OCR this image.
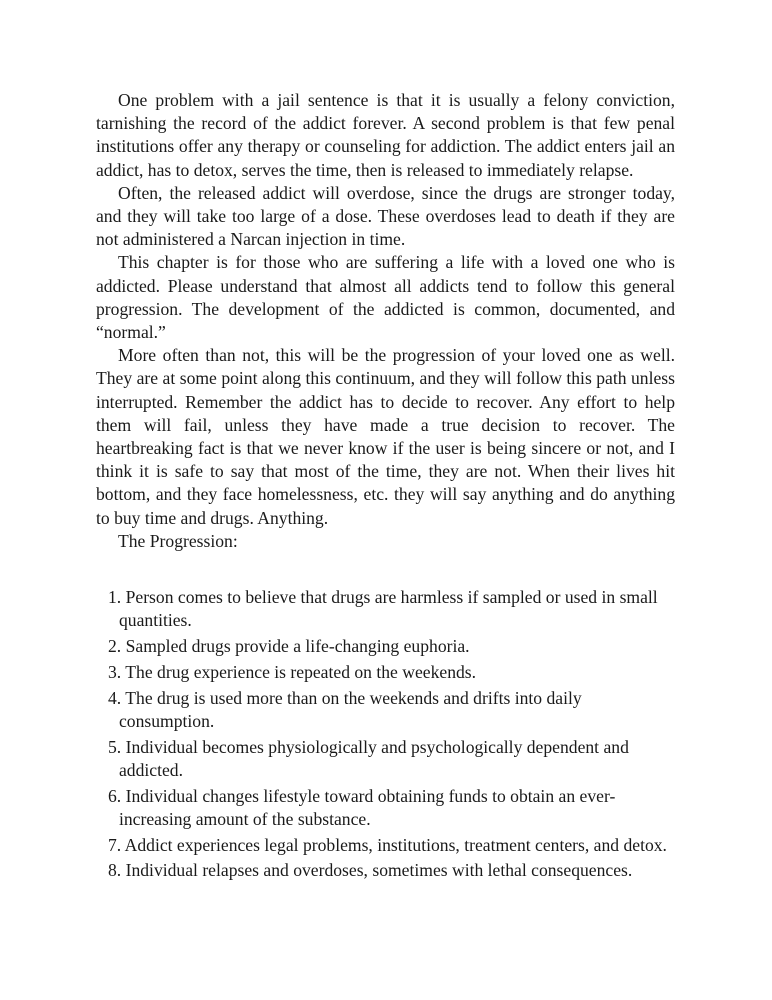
One problem with a jail sentence is that it is usually a felony conviction, tarnishing the record of the addict forever. A second problem is that few penal institutions offer any therapy or counseling for addiction. The addict enters jail an addict, has to detox, serves the time, then is released to immediately relapse.

Often, the released addict will overdose, since the drugs are stronger today, and they will take too large of a dose. These overdoses lead to death if they are not administered a Narcan injection in time.

This chapter is for those who are suffering a life with a loved one who is addicted. Please understand that almost all addicts tend to follow this general progression. The development of the addicted is common, documented, and “normal.”

More often than not, this will be the progression of your loved one as well. They are at some point along this continuum, and they will follow this path unless interrupted. Remember the addict has to decide to recover. Any effort to help them will fail, unless they have made a true decision to recover. The heartbreaking fact is that we never know if the user is being sincere or not, and I think it is safe to say that most of the time, they are not. When their lives hit bottom, and they face homelessness, etc. they will say anything and do anything to buy time and drugs. Anything.

The Progression:

1. Person comes to believe that drugs are harmless if sampled or used in small quantities.
2. Sampled drugs provide a life-changing euphoria.
3. The drug experience is repeated on the weekends.
4. The drug is used more than on the weekends and drifts into daily consumption.
5. Individual becomes physiologically and psychologically dependent and addicted.
6. Individual changes lifestyle toward obtaining funds to obtain an ever-increasing amount of the substance.
7. Addict experiences legal problems, institutions, treatment centers, and detox.
8. Individual relapses and overdoses, sometimes with lethal consequences.
